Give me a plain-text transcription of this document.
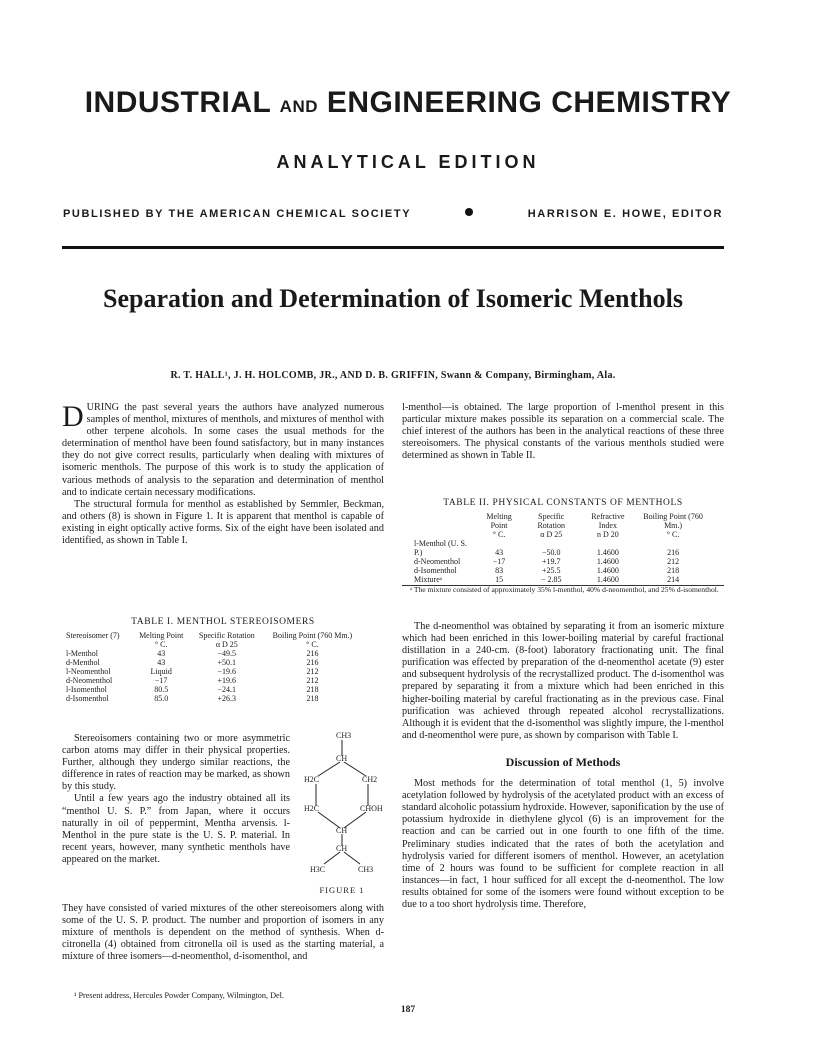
INDUSTRIAL AND ENGINEERING CHEMISTRY
ANALYTICAL EDITION
PUBLISHED BY THE AMERICAN CHEMICAL SOCIETY	HARRISON E. HOWE, EDITOR
Separation and Determination of Isomeric Menthols
R. T. HALL¹, J. H. HOLCOMB, JR., AND D. B. GRIFFIN, Swann & Company, Birmingham, Ala.

DURING the past several years the authors have analyzed numerous samples of menthol, mixtures of menthols, and mixtures of menthol with other terpene alcohols. In some cases the usual methods for the determination of menthol have been found satisfactory, but in many instances they do not give correct results, particularly when dealing with mixtures of isomeric menthols. The purpose of this work is to study the application of various methods of analysis to the separation and determination of menthol and to indicate certain necessary modifications.

The structural formula for menthol as established by Semmler, Beckman, and others (8) is shown in Figure 1. It is apparent that menthol is capable of existing in eight optically active forms. Six of the eight have been isolated and identified, as shown in Table I.

TABLE I. MENTHOL STEREOISOMERS
Stereoisomer (7)	Melting Point	Specific Rotation	Boiling Point (760 Mm.)
	° C.	α D 25	° C.
l-Menthol	43	−49.5	216
d-Menthol	43	+50.1	216
l-Neomenthol	Liquid	−19.6	212
d-Neomenthol	−17	+19.6	212
l-Isomenthol	80.5	−24.1	218
d-Isomenthol	85.0	+26.3	218

Stereoisomers containing two or more asymmetric carbon atoms may differ in their physical properties. Further, although they undergo similar reactions, the difference in rates of reaction may be marked, as shown by this study.

Until a few years ago the industry obtained all its “menthol U. S. P.” from Japan, where it occurs naturally in oil of peppermint, Mentha arvensis. l-Menthol in the pure state is the U. S. P. material. In recent years, however, many synthetic menthols have appeared on the market.

CH3
CH
H2C	CH2
H2C	CHOH
CH
CH
H3C	CH3
FIGURE 1

They have consisted of varied mixtures of the other stereoisomers along with some of the U. S. P. product. The number and proportion of isomers in any mixture of menthols is dependent on the method of synthesis. When d-citronella (4) obtained from citronella oil is used as the starting material, a mixture of three isomers—d-neomenthol, d-isomenthol, and

¹ Present address, Hercules Powder Company, Wilmington, Del.

l-menthol—is obtained. The large proportion of l-menthol present in this particular mixture makes possible its separation on a commercial scale. The chief interest of the authors has been in the analytical reactions of these three stereoisomers. The physical constants of the various menthols studied were determined as shown in Table II.

TABLE II. PHYSICAL CONSTANTS OF MENTHOLS
	Melting Point	Specific Rotation	Refractive Index	Boiling Point (760 Mm.)
	° C.	α D 25	n D 20	° C.
l-Menthol (U. S. P.)	43	−50.0	1.4600	216
d-Neomenthol	−17	+19.7	1.4600	212
d-Isomenthol	83	+25.5	1.4600	218
Mixtureᵃ	15	− 2.85	1.4600	214
ᵃ The mixture consisted of approximately 35% l-menthol, 40% d-neomenthol, and 25% d-isomenthol.

The d-neomenthol was obtained by separating it from an isomeric mixture which had been enriched in this lower-boiling material by careful fractional distillation in a 240-cm. (8-foot) laboratory fractionating unit. The final purification was effected by preparation of the d-neomenthol acetate (9) ester and subsequent hydrolysis of the recrystallized product. The d-isomenthol was prepared by separating it from a mixture which had been enriched in this higher-boiling material by careful fractionating as in the previous case. Final purification was achieved through repeated alcohol recrystallizations. Although it is evident that the d-isomenthol was slightly impure, the l-menthol and d-neomenthol were pure, as shown by comparison with Table I.

Discussion of Methods

Most methods for the determination of total menthol (1, 5) involve acetylation followed by hydrolysis of the acetylated product with an excess of standard alcoholic potassium hydroxide. However, saponification by the use of potassium hydroxide in diethylene glycol (6) is an improvement for the reaction and can be carried out in one fourth to one fifth of the time. Preliminary studies indicated that the rates of both the acetylation and hydrolysis varied for different isomers of menthol. However, an acetylation time of 2 hours was found to be sufficient for complete reaction in all instances—in fact, 1 hour sufficed for all except the d-neomenthol. The low results obtained for some of the isomers were found without exception to be due to a too short hydrolysis time. Therefore,

187
